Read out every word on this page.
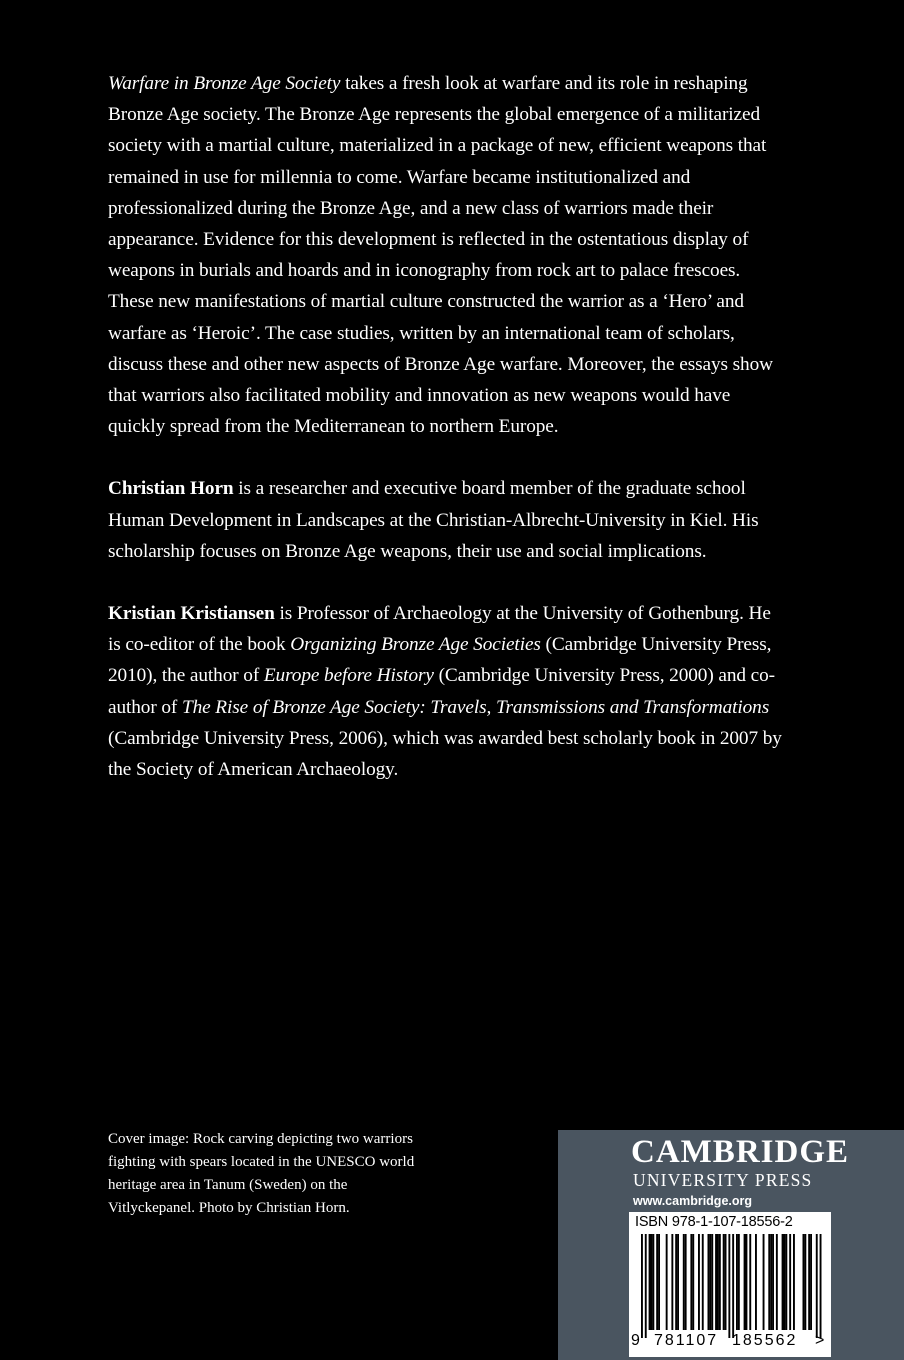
Warfare in Bronze Age Society takes a fresh look at warfare and its role in reshaping Bronze Age society. The Bronze Age represents the global emergence of a militarized society with a martial culture, materialized in a package of new, efficient weapons that remained in use for millennia to come. Warfare became institutionalized and professionalized during the Bronze Age, and a new class of warriors made their appearance. Evidence for this development is reflected in the ostentatious display of weapons in burials and hoards and in iconography from rock art to palace frescoes. These new manifestations of martial culture constructed the warrior as a ‘Hero’ and warfare as ‘Heroic’. The case studies, written by an international team of scholars, discuss these and other new aspects of Bronze Age warfare. Moreover, the essays show that warriors also facilitated mobility and innovation as new weapons would have quickly spread from the Mediterranean to northern Europe.

Christian Horn is a researcher and executive board member of the graduate school Human Development in Landscapes at the Christian-Albrecht-University in Kiel. His scholarship focuses on Bronze Age weapons, their use and social implications.

Kristian Kristiansen is Professor of Archaeology at the University of Gothenburg. He is co-editor of the book Organizing Bronze Age Societies (Cambridge University Press, 2010), the author of Europe before History (Cambridge University Press, 2000) and co-author of The Rise of Bronze Age Society: Travels, Transmissions and Transformations (Cambridge University Press, 2006), which was awarded best scholarly book in 2007 by the Society of American Archaeology.

Cover image: Rock carving depicting two warriors fighting with spears located in the UNESCO world heritage area in Tanum (Sweden) on the Vitlyckepanel. Photo by Christian Horn.
CAMBRIDGE
UNIVERSITY PRESS
www.cambridge.org
ISBN 978-1-107-18556-2
9 781107 185562 >
